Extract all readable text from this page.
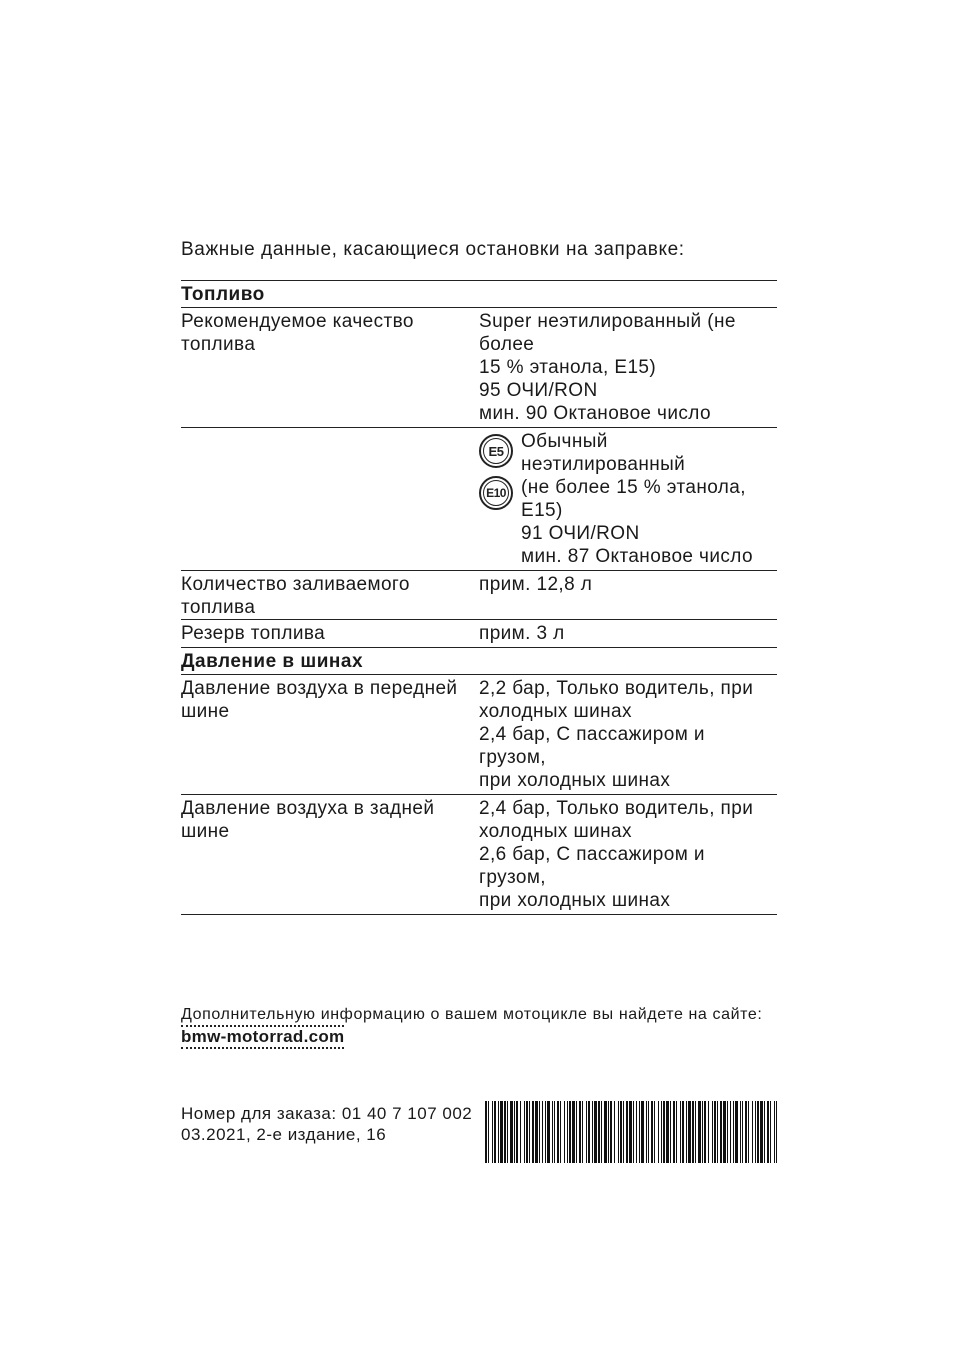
Важные данные, касающиеся остановки на заправке:
Топливо
Рекомендуемое качество топлива
Super неэтилированный (не более
15 % этанола, E15)
95 ОЧИ/RON
мин. 90 Октановое число
E5
E10
Обычный неэтилированный
(не более 15 % этанола,
E15)
91 ОЧИ/RON
мин. 87 Октановое число
Количество заливаемого топлива
прим. 12,8 л
Резерв топлива	прим. 3 л
Давление в шинах
Давление воздуха в передней
шине
2,2 бар, Только водитель, при
холодных шинах
2,4 бар, С пассажиром и грузом,
при холодных шинах
Давление воздуха в задней шине
2,4 бар, Только водитель, при
холодных шинах
2,6 бар, С пассажиром и грузом,
при холодных шинах
Дополнительную информацию о вашем мотоцикле вы найдете на сайте:
bmw-motorrad.com
Номер для заказа: 01 40 7 107 002
03.2021, 2-е издание, 16
